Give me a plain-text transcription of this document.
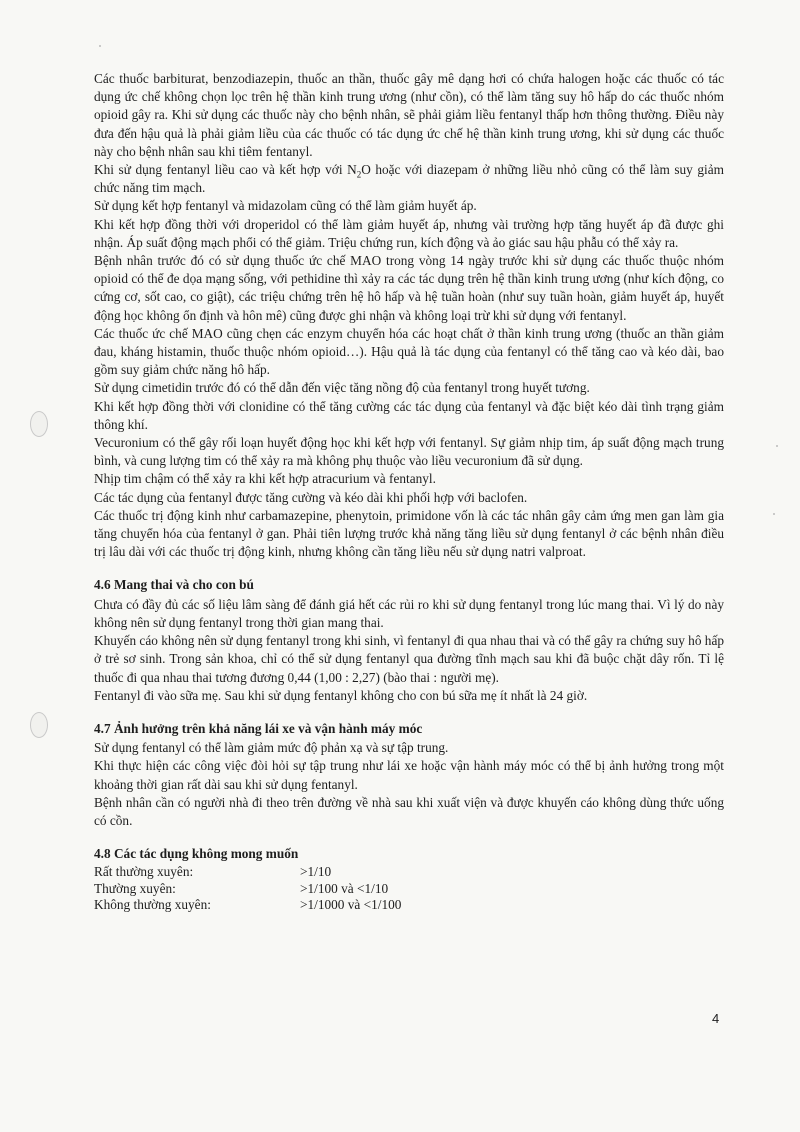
Các thuốc barbiturat, benzodiazepin, thuốc an thần, thuốc gây mê dạng hơi có chứa halogen hoặc các thuốc có tác dụng ức chế không chọn lọc trên hệ thần kinh trung ương (như cồn), có thể làm tăng suy hô hấp do các thuốc nhóm opioid gây ra. Khi sử dụng các thuốc này cho bệnh nhân, sẽ phải giảm liều fentanyl thấp hơn thông thường. Điều này đưa đến hậu quả là phải giảm liều của các thuốc có tác dụng ức chế hệ thần kinh trung ương, khi sử dụng các thuốc này cho bệnh nhân sau khi tiêm fentanyl.

Khi sử dụng fentanyl liều cao và kết hợp với $N_2O$ hoặc với diazepam ở những liều nhỏ cũng có thể làm suy giảm chức năng tim mạch.

Sử dụng kết hợp fentanyl và midazolam cũng có thể làm giảm huyết áp.

Khi kết hợp đồng thời với droperidol có thể làm giảm huyết áp, nhưng vài trường hợp tăng huyết áp đã được ghi nhận. Áp suất động mạch phổi có thể giảm. Triệu chứng run, kích động và ảo giác sau hậu phẫu có thể xảy ra.

Bệnh nhân trước đó có sử dụng thuốc ức chế MAO trong vòng 14 ngày trước khi sử dụng các thuốc thuộc nhóm opioid có thể đe dọa mạng sống, với pethidine thì xảy ra các tác dụng trên hệ thần kinh trung ương (như kích động, co cứng cơ, sốt cao, co giật), các triệu chứng trên hệ hô hấp và hệ tuần hoàn (như suy tuần hoàn, giảm huyết áp, huyết động học không ổn định và hôn mê) cũng được ghi nhận và không loại trừ khi sử dụng với fentanyl.

Các thuốc ức chế MAO cũng chẹn các enzym chuyển hóa các hoạt chất ở thần kinh trung ương (thuốc an thần giảm đau, kháng histamin, thuốc thuộc nhóm opioid…). Hậu quả là tác dụng của fentanyl có thể tăng cao và kéo dài, bao gồm suy giảm chức năng hô hấp.

Sử dụng cimetidin trước đó có thể dẫn đến việc tăng nồng độ của fentanyl trong huyết tương.

Khi kết hợp đồng thời với clonidine có thể tăng cường các tác dụng của fentanyl và đặc biệt kéo dài tình trạng giảm thông khí.

Vecuronium có thể gây rối loạn huyết động học khi kết hợp với fentanyl. Sự giảm nhịp tim, áp suất động mạch trung bình, và cung lượng tim có thể xảy ra mà không phụ thuộc vào liều vecuronium đã sử dụng.

Nhịp tim chậm có thể xảy ra khi kết hợp atracurium và fentanyl.

Các tác dụng của fentanyl được tăng cường và kéo dài khi phối hợp với baclofen.

Các thuốc trị động kinh như carbamazepine, phenytoin, primidone vốn là các tác nhân gây cảm ứng men gan làm gia tăng chuyển hóa của fentanyl ở gan. Phải tiên lượng trước khả năng tăng liều sử dụng fentanyl ở các bệnh nhân điều trị lâu dài với các thuốc trị động kinh, nhưng không cần tăng liều nếu sử dụng natri valproat.

4.6 Mang thai và cho con bú

Chưa có đầy đủ các số liệu lâm sàng để đánh giá hết các rủi ro khi sử dụng fentanyl trong lúc mang thai. Vì lý do này không nên sử dụng fentanyl trong thời gian mang thai.

Khuyến cáo không nên sử dụng fentanyl trong khi sinh, vì fentanyl đi qua nhau thai và có thể gây ra chứng suy hô hấp ở trẻ sơ sinh. Trong sản khoa, chỉ có thể sử dụng fentanyl qua đường tĩnh mạch sau khi đã buộc chặt dây rốn. Tỉ lệ thuốc đi qua nhau thai tương đương 0,44 (1,00 : 2,27) (bào thai : người mẹ).

Fentanyl đi vào sữa mẹ. Sau khi sử dụng fentanyl không cho con bú sữa mẹ ít nhất là 24 giờ.

4.7 Ảnh hưởng trên khả năng lái xe và vận hành máy móc

Sử dụng fentanyl có thể làm giảm mức độ phản xạ và sự tập trung.

Khi thực hiện các công việc đòi hỏi sự tập trung như lái xe hoặc vận hành máy móc có thể bị ảnh hưởng trong một khoảng thời gian rất dài sau khi sử dụng fentanyl.

Bệnh nhân cần có người nhà đi theo trên đường về nhà sau khi xuất viện và được khuyến cáo không dùng thức uống có cồn.

4.8 Các tác dụng không mong muốn
Rất thường xuyên:	>1/10
Thường xuyên:	>1/100 và <1/10
Không thường xuyên:	>1/1000 và <1/100
4
